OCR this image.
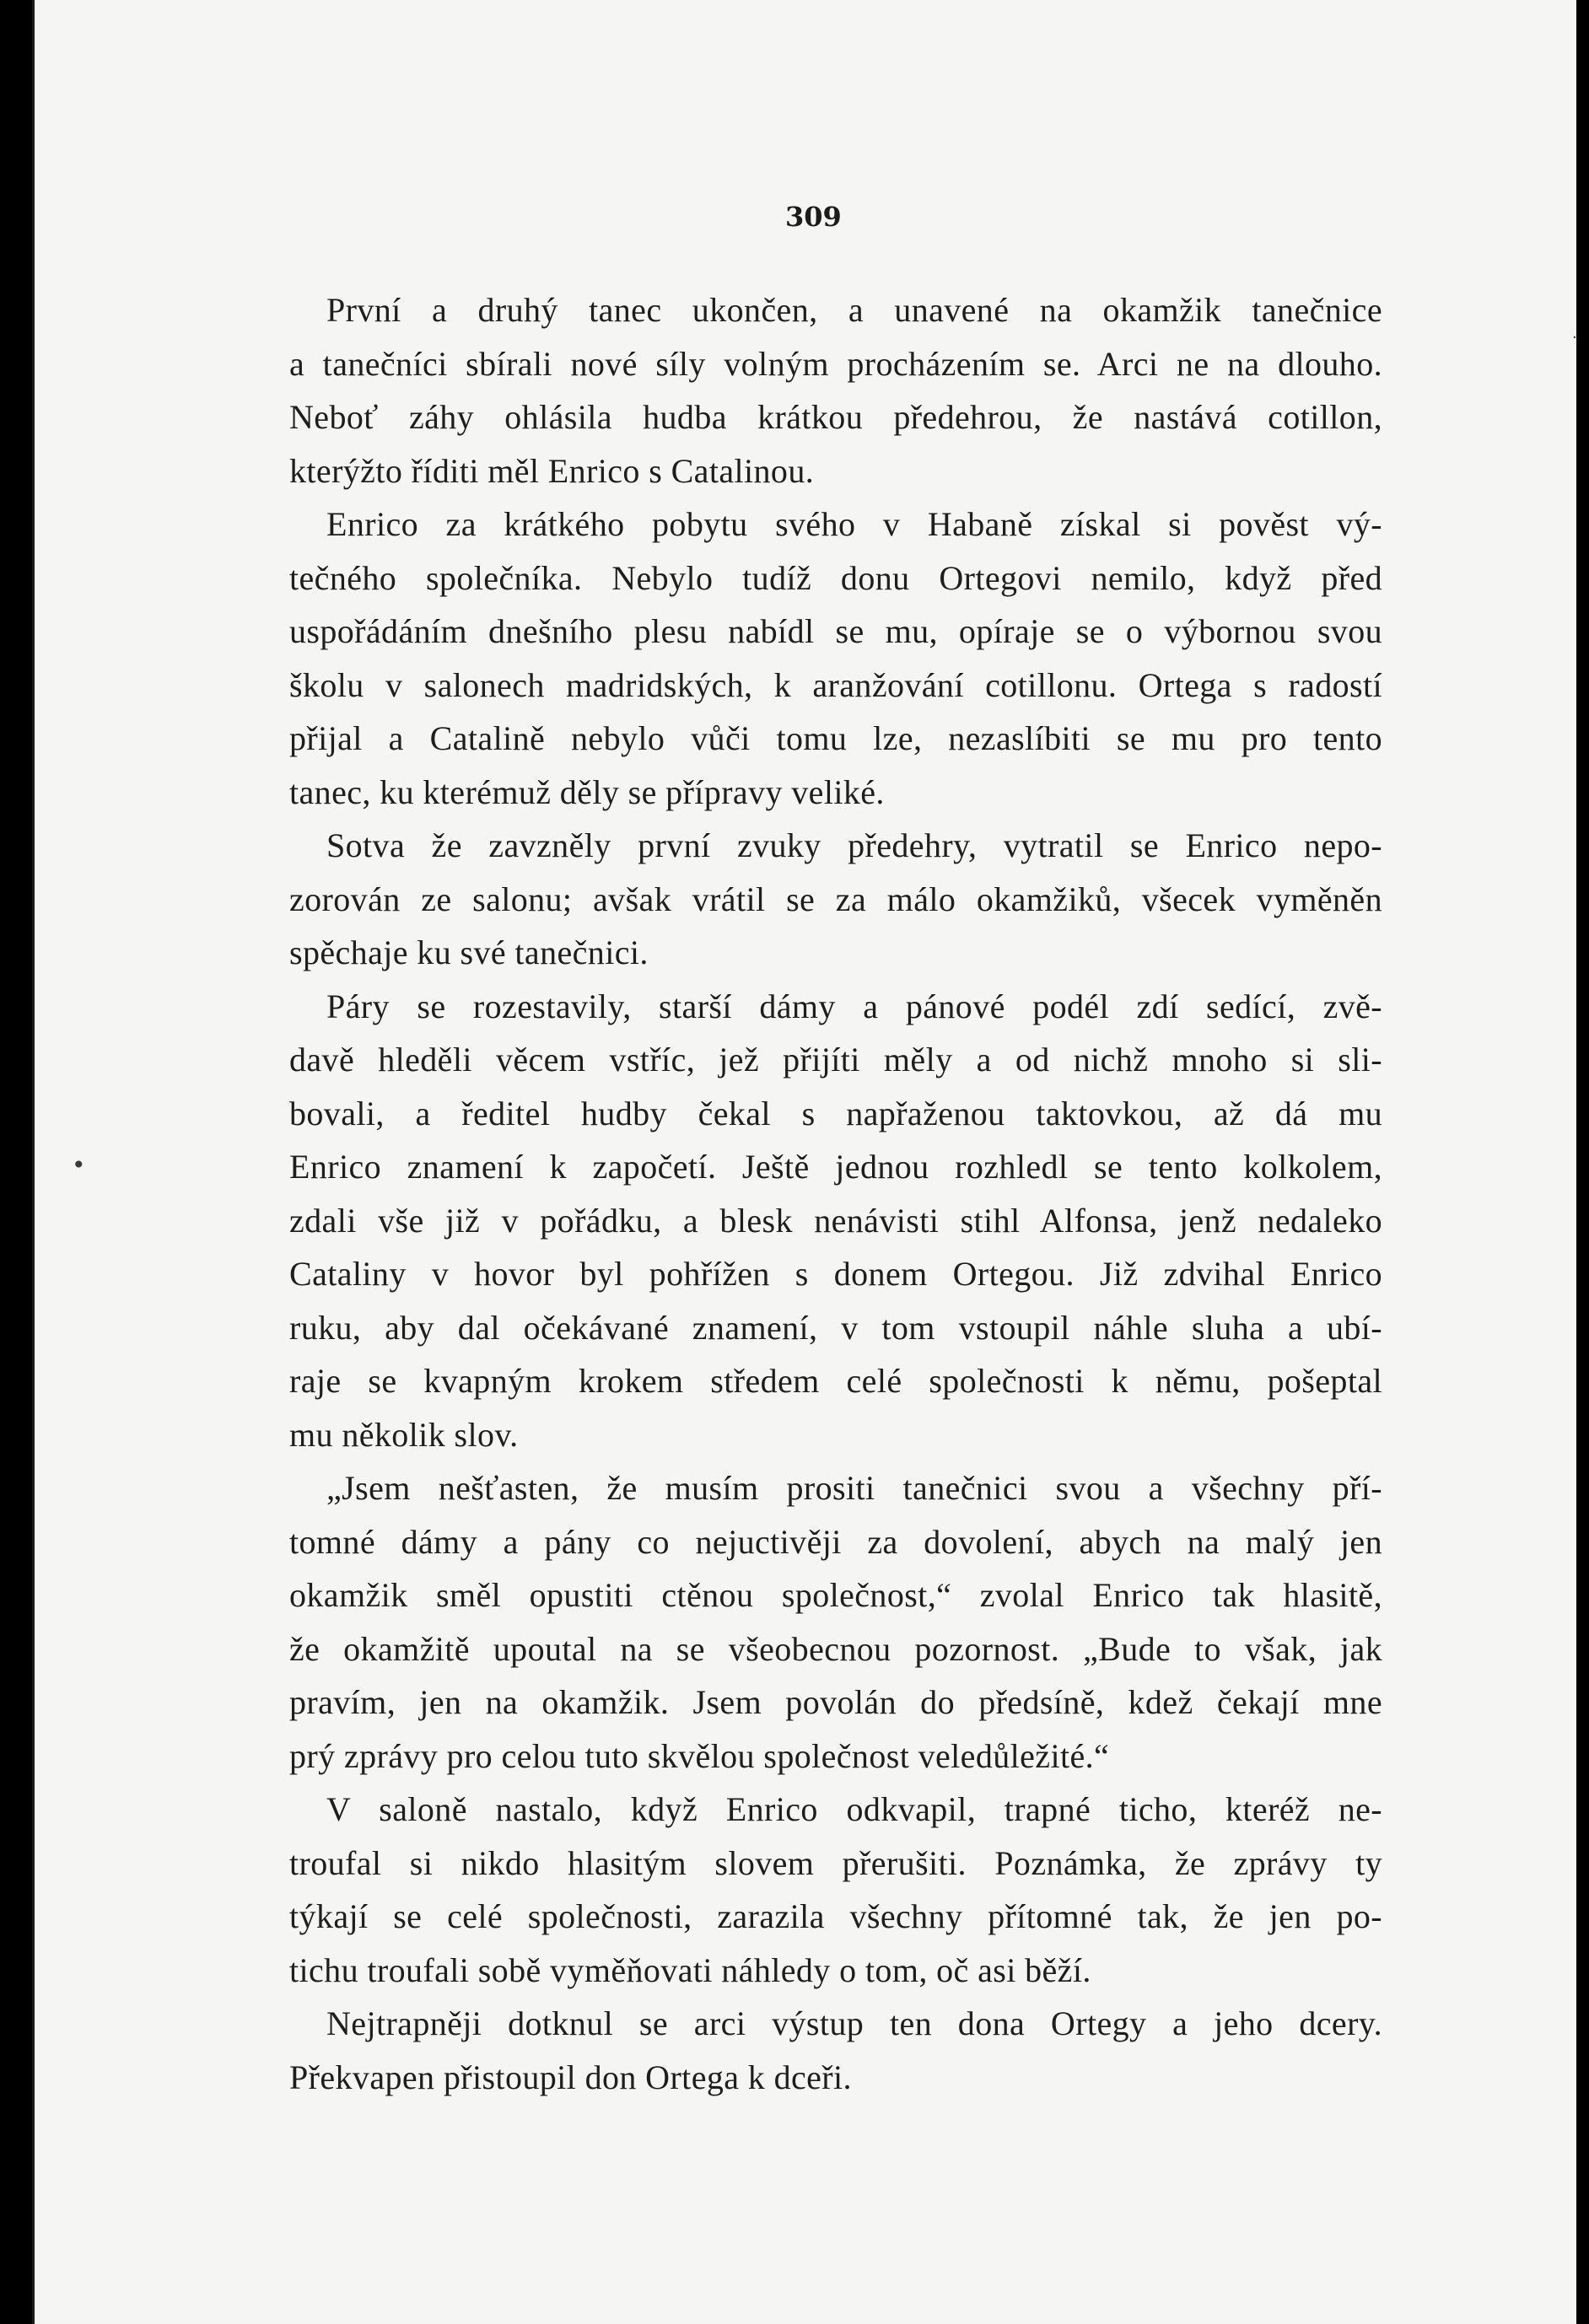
309
•
·
První a druhý tanec ukončen, a unavené na okamžik tanečnice
a tanečníci sbírali nové síly volným procházením se. Arci ne na dlouho.
Neboť záhy ohlásila hudba krátkou předehrou, že nastává cotillon,
kterýžto říditi měl Enrico s Catalinou.
Enrico za krátkého pobytu svého v Habaně získal si pověst vý-
tečného společníka. Nebylo tudíž donu Ortegovi nemilo, když před
uspořádáním dnešního plesu nabídl se mu, opíraje se o výbornou svou
školu v salonech madridských, k aranžování cotillonu. Ortega s radostí
přijal a Catalině nebylo vůči tomu lze, nezaslíbiti se mu pro tento
tanec, ku kterémuž děly se přípravy veliké.
Sotva že zavzněly první zvuky předehry, vytratil se Enrico nepo-
zorován ze salonu; avšak vrátil se za málo okamžiků, všecek vyměněn
spěchaje ku své tanečnici.
Páry se rozestavily, starší dámy a pánové podél zdí sedící, zvě-
davě hleděli věcem vstříc, jež přijíti měly a od nichž mnoho si sli-
bovali, a ředitel hudby čekal s napřaženou taktovkou, až dá mu
Enrico znamení k započetí. Ještě jednou rozhledl se tento kolkolem,
zdali vše již v pořádku, a blesk nenávisti stihl Alfonsa, jenž nedaleko
Cataliny v hovor byl pohřížen s donem Ortegou. Již zdvihal Enrico
ruku, aby dal očekávané znamení, v tom vstoupil náhle sluha a ubí-
raje se kvapným krokem středem celé společnosti k němu, pošeptal
mu několik slov.
„Jsem nešťasten, že musím prositi tanečnici svou a všechny pří-
tomné dámy a pány co nejuctivěji za dovolení, abych na malý jen
okamžik směl opustiti ctěnou společnost,“ zvolal Enrico tak hlasitě,
že okamžitě upoutal na se všeobecnou pozornost. „Bude to však, jak
pravím, jen na okamžik. Jsem povolán do předsíně, kdež čekají mne
prý zprávy pro celou tuto skvělou společnost veledůležité.“
V saloně nastalo, když Enrico odkvapil, trapné ticho, kteréž ne-
troufal si nikdo hlasitým slovem přerušiti. Poznámka, že zprávy ty
týkají se celé společnosti, zarazila všechny přítomné tak, že jen po-
tichu troufali sobě vyměňovati náhledy o tom, oč asi běží.
Nejtrapněji dotknul se arci výstup ten dona Ortegy a jeho dcery.
Překvapen přistoupil don Ortega k dceři.
